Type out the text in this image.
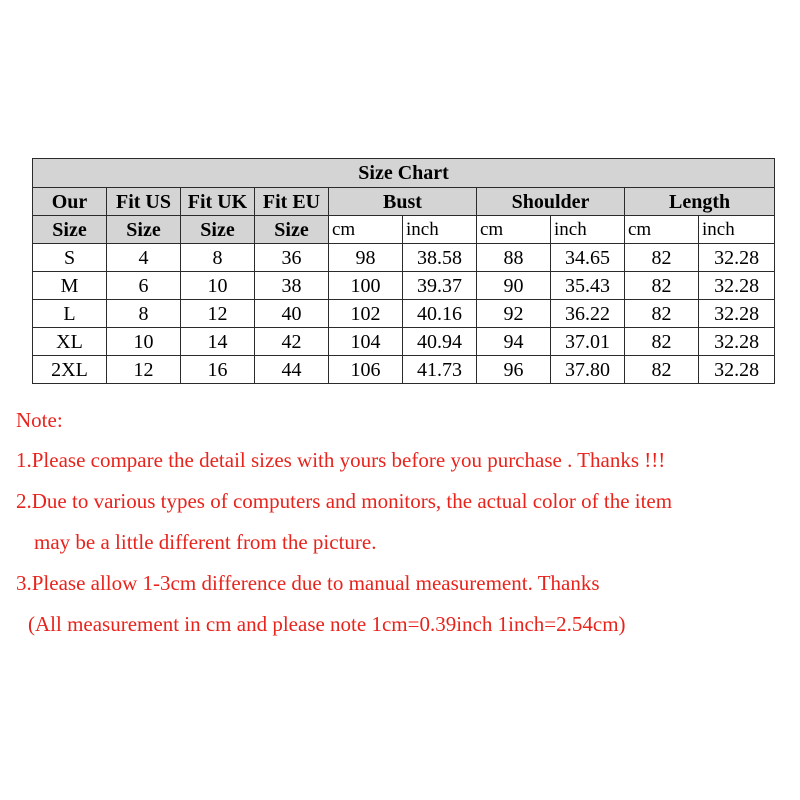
Size Chart									
Our	Fit US	Fit UK	Fit EU	Bust		Shoulder		Length	
Size	Size	Size	Size	cm	inch	cm	inch	cm	inch
S	4	8	36	98	38.58	88	34.65	82	32.28
M	6	10	38	100	39.37	90	35.43	82	32.28
L	8	12	40	102	40.16	92	36.22	82	32.28
XL	10	14	42	104	40.94	94	37.01	82	32.28
2XL	12	16	44	106	41.73	96	37.80	82	32.28

Note:

1.Please compare the detail sizes with yours before you purchase . Thanks !!!

2.Due to various types of computers and monitors, the actual color of the item

may be a little different from the picture.

3.Please allow 1-3cm difference due to manual measurement. Thanks

(All measurement in cm and please note 1cm=0.39inch 1inch=2.54cm)
